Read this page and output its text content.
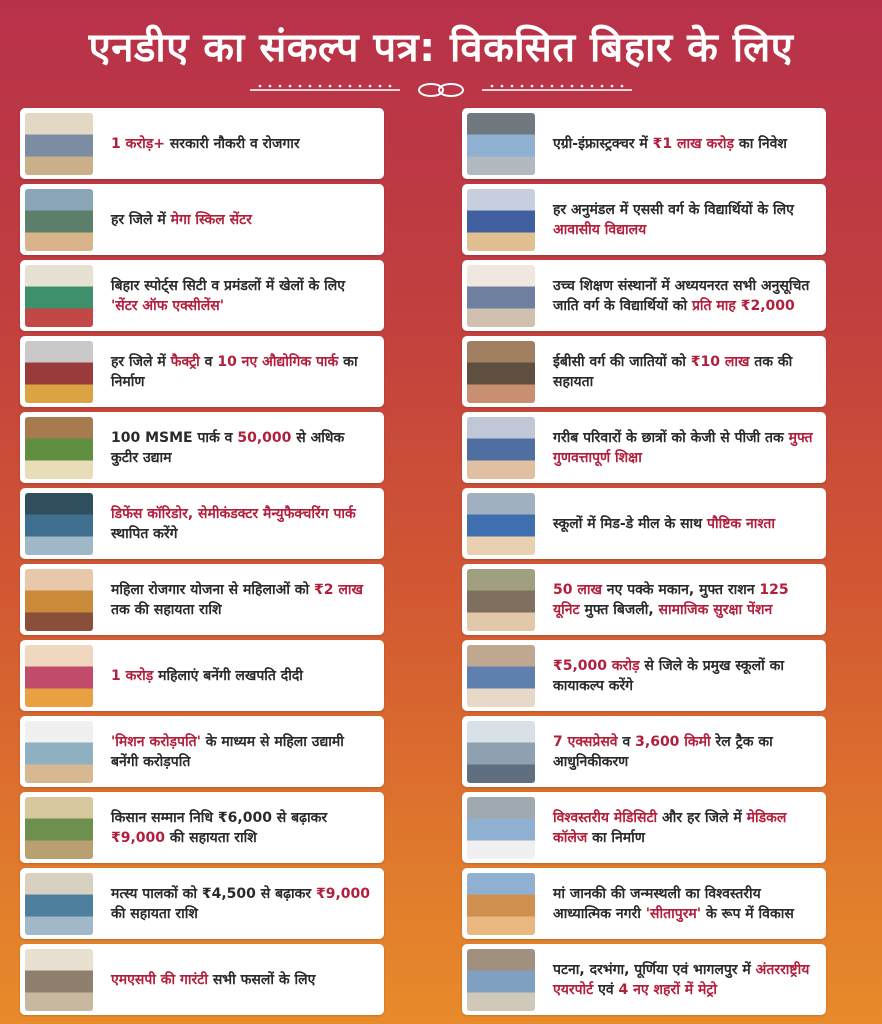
एनडीए का संकल्प पत्र: विकसित बिहार के लिए
1 करोड़+ सरकारी नौकरी व रोजगार
हर जिले में मेगा स्किल सेंटर
बिहार स्पोर्ट्स सिटी व प्रमंडलों में खेलों के लिए 'सेंटर ऑफ एक्सीलेंस'
हर जिले में फैक्ट्री व 10 नए औद्योगिक पार्क का निर्माण
100 MSME पार्क व 50,000 से अधिक कुटीर उद्याम
डिफेंस कॉरिडोर, सेमीकंडक्टर मैन्युफैक्चरिंग पार्क स्थापित करेंगे
महिला रोजगार योजना से महिलाओं को ₹2 लाख तक की सहायता राशि
1 करोड़ महिलाएं बनेंगी लखपति दीदी
'मिशन करोड़पति' के माध्यम से महिला उद्यामी बनेंगी करोड़पति
किसान सम्मान निधि ₹6,000 से बढ़ाकर ₹9,000 की सहायता राशि
मत्स्य पालकों को ₹4,500 से बढ़ाकर ₹9,000 की सहायता राशि
एमएसपी की गारंटी सभी फसलों के लिए
एग्री-इंफ्रास्ट्रक्चर में ₹1 लाख करोड़ का निवेश
हर अनुमंडल में एससी वर्ग के विद्यार्थियों के लिए आवासीय विद्यालय
उच्च शिक्षण संस्थानों में अध्ययनरत सभी अनुसूचित जाति वर्ग के विद्यार्थियों को प्रति माह ₹2,000
ईबीसी वर्ग की जातियों को ₹10 लाख तक की सहायता
गरीब परिवारों के छात्रों को केजी से पीजी तक मुफ्त गुणवत्तापूर्ण शिक्षा
स्कूलों में मिड-डे मील के साथ पौष्टिक नाश्ता
50 लाख नए पक्के मकान, मुफ्त राशन 125 यूनिट मुफ्त बिजली, सामाजिक सुरक्षा पेंशन
₹5,000 करोड़ से जिले के प्रमुख स्कूलों का कायाकल्प करेंगे
7 एक्सप्रेसवे व 3,600 किमी रेल ट्रैक का आधुनिकीकरण
विश्वस्तरीय मेडिसिटी और हर जिले में मेडिकल कॉलेज का निर्माण
मां जानकी की जन्मस्थली का विश्वस्तरीय आध्यात्मिक नगरी 'सीतापुरम' के रूप में विकास
पटना, दरभंगा, पूर्णिया एवं भागलपुर में अंतरराष्ट्रीय एयरपोर्ट एवं 4 नए शहरों में मेट्रो
